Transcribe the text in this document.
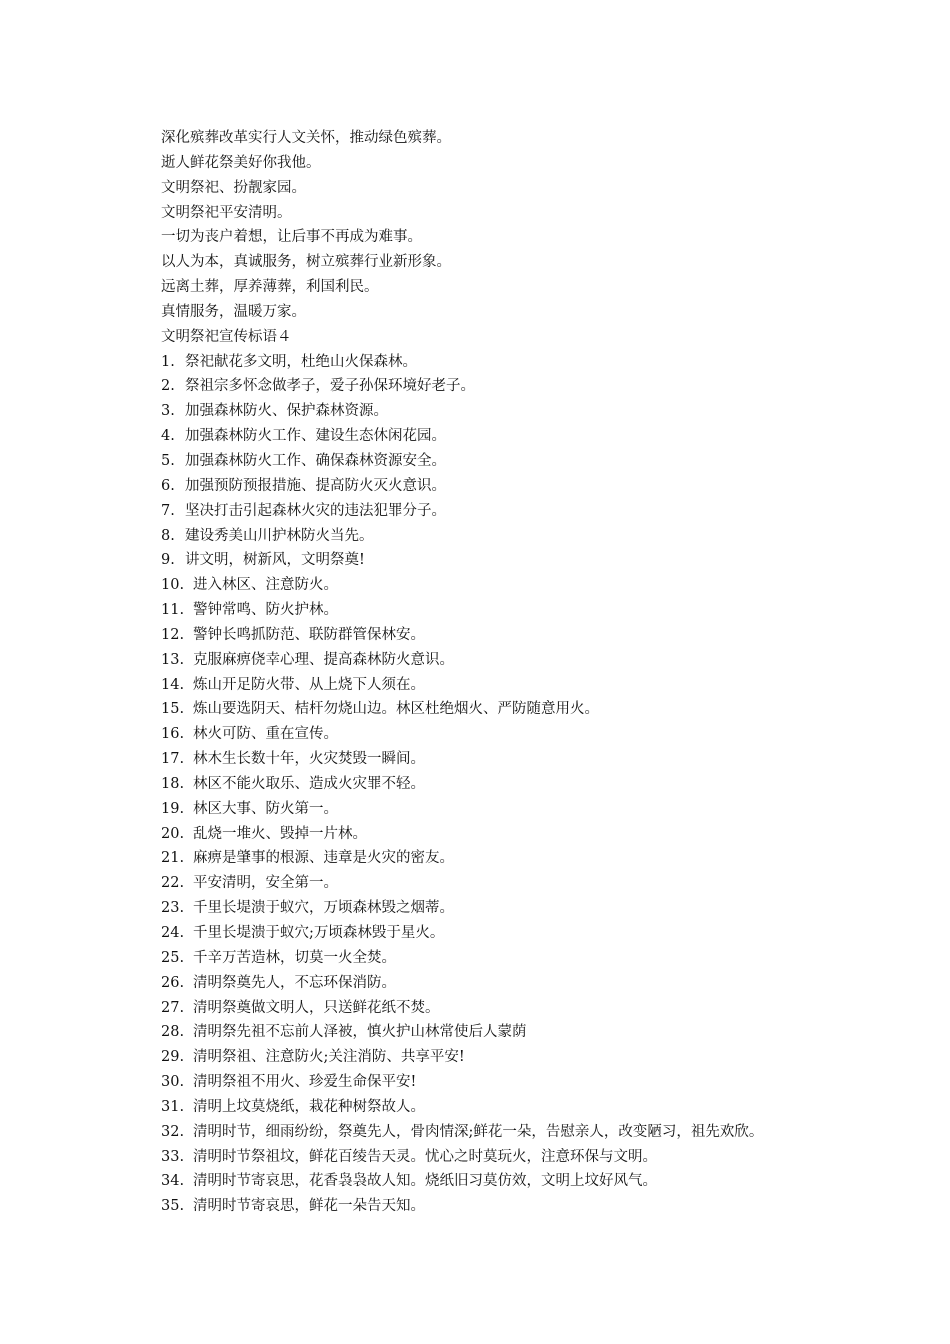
深化殡葬改革实行人文关怀，推动绿色殡葬。
逝人鲜花祭美好你我他。
文明祭祀、扮靓家园。
文明祭祀平安清明。
一切为丧户着想，让后事不再成为难事。
以人为本，真诚服务，树立殡葬行业新形象。
远离土葬，厚养薄葬，利国利民。
真情服务，温暖万家。
文明祭祀宣传标语４
1. 祭祀献花多文明，杜绝山火保森林。
2. 祭祖宗多怀念做孝子，爱子孙保环境好老子。
3. 加强森林防火、保护森林资源。
4. 加强森林防火工作、建设生态休闲花园。
5. 加强森林防火工作、确保森林资源安全。
6. 加强预防预报措施、提高防火灭火意识。
7. 坚决打击引起森林火灾的违法犯罪分子。
8. 建设秀美山川护林防火当先。
9. 讲文明，树新风，文明祭奠!
10. 进入林区、注意防火。
11. 警钟常鸣、防火护林。
12. 警钟长鸣抓防范、联防群管保林安。
13. 克服麻痹侥幸心理、提高森林防火意识。
14. 炼山开足防火带、从上烧下人须在。
15. 炼山要选阴天、桔杆勿烧山边。林区杜绝烟火、严防随意用火。
16. 林火可防、重在宣传。
17. 林木生长数十年，火灾焚毁一瞬间。
18. 林区不能火取乐、造成火灾罪不轻。
19. 林区大事、防火第一。
20. 乱烧一堆火、毁掉一片林。
21. 麻痹是肇事的根源、违章是火灾的密友。
22. 平安清明，安全第一。
23. 千里长堤溃于蚁穴，万顷森林毁之烟蒂。
24. 千里长堤溃于蚁穴;万顷森林毁于星火。
25. 千辛万苦造林，切莫一火全焚。
26. 清明祭奠先人，不忘环保消防。
27. 清明祭奠做文明人，只送鲜花纸不焚。
28. 清明祭先祖不忘前人泽被，慎火护山林常使后人蒙荫
29. 清明祭祖、注意防火;关注消防、共享平安!
30. 清明祭祖不用火、珍爱生命保平安!
31. 清明上坟莫烧纸，栽花种树祭故人。
32. 清明时节，细雨纷纷，祭奠先人，骨肉情深;鲜花一朵，告慰亲人，改变陋习，祖先欢欣。
33. 清明时节祭祖坟，鲜花百绫告天灵。忧心之时莫玩火，注意环保与文明。
34. 清明时节寄哀思，花香袅袅故人知。烧纸旧习莫仿效，文明上坟好风气。
35. 清明时节寄哀思，鲜花一朵告天知。
